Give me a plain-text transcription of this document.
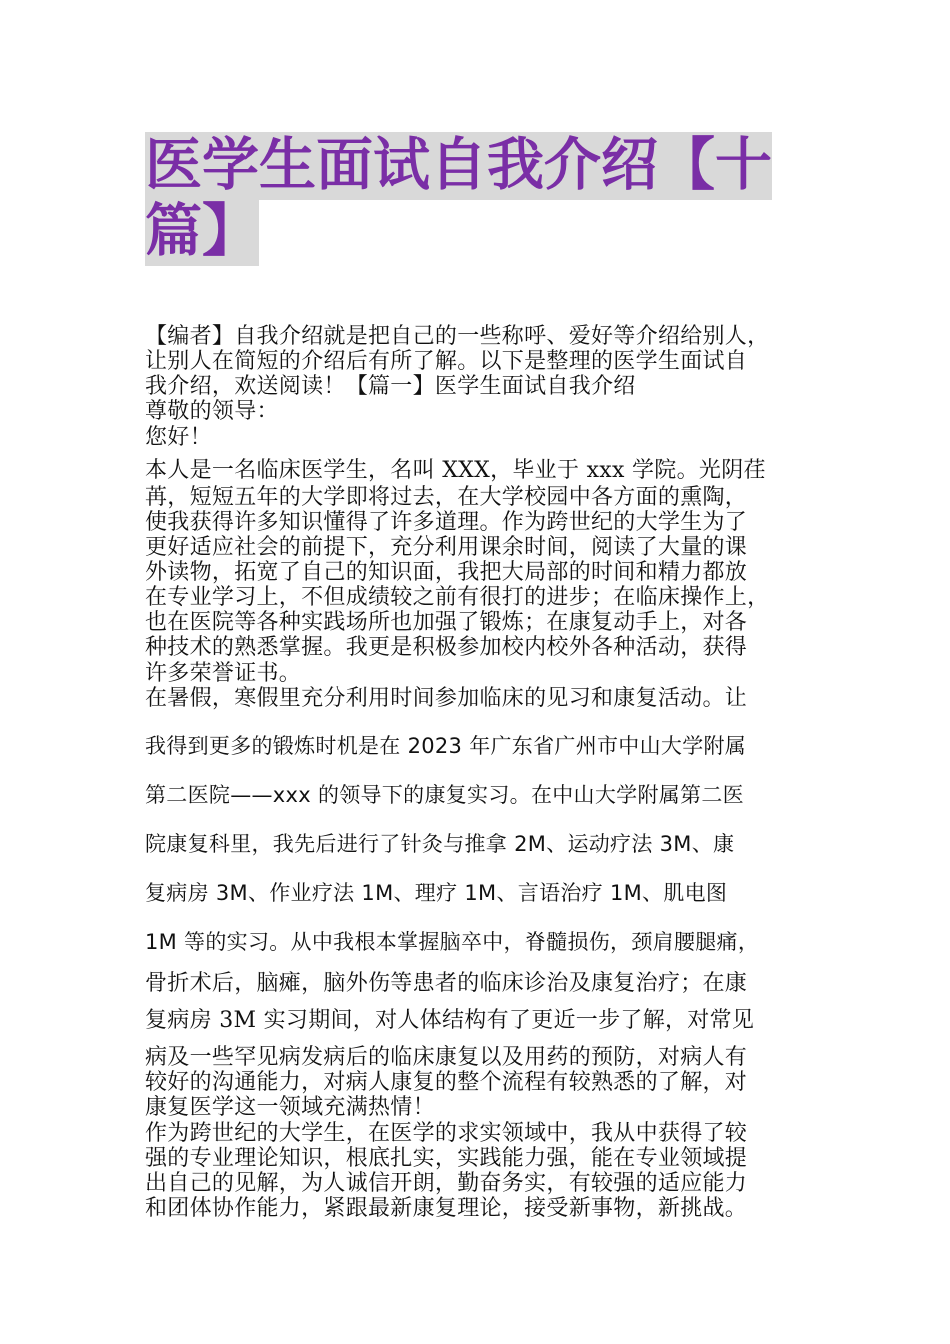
医学生面试自我介绍【十篇】
【编者】自我介绍就是把自己的一些称呼、爱好等介绍给别人，
让别人在简短的介绍后有所了解。以下是整理的医学生面试自
我介绍，欢送阅读！【篇一】医学生面试自我介绍
尊敬的领导：
您好！
本人是一名临床医学生，名叫 XXX，毕业于 xxx 学院。光阴荏
苒，短短五年的大学即将过去，在大学校园中各方面的熏陶，
使我获得许多知识懂得了许多道理。作为跨世纪的大学生为了
更好适应社会的前提下，充分利用课余时间，阅读了大量的课
外读物，拓宽了自己的知识面，我把大局部的时间和精力都放
在专业学习上，不但成绩较之前有很打的进步；在临床操作上，
也在医院等各种实践场所也加强了锻炼；在康复动手上，对各
种技术的熟悉掌握。我更是积极参加校内校外各种活动，获得
许多荣誉证书。
在暑假，寒假里充分利用时间参加临床的见习和康复活动。让
我得到更多的锻炼时机是在 2023 年广东省广州市中山大学附属
第二医院——xxx 的领导下的康复实习。在中山大学附属第二医
院康复科里，我先后进行了针灸与推拿 2M、运动疗法 3M、康
复病房 3M、作业疗法 1M、理疗 1M、言语治疗 1M、肌电图
1M 等的实习。从中我根本掌握脑卒中，脊髓损伤，颈肩腰腿痛，
骨折术后，脑瘫，脑外伤等患者的临床诊治及康复治疗；在康
复病房 3M 实习期间，对人体结构有了更近一步了解，对常见
病及一些罕见病发病后的临床康复以及用药的预防，对病人有
较好的沟通能力，对病人康复的整个流程有较熟悉的了解，对
康复医学这一领域充满热情！
作为跨世纪的大学生，在医学的求实领域中，我从中获得了较
强的专业理论知识，根底扎实，实践能力强，能在专业领域提
出自己的见解，为人诚信开朗，勤奋务实，有较强的适应能力
和团体协作能力，紧跟最新康复理论，接受新事物，新挑战。
